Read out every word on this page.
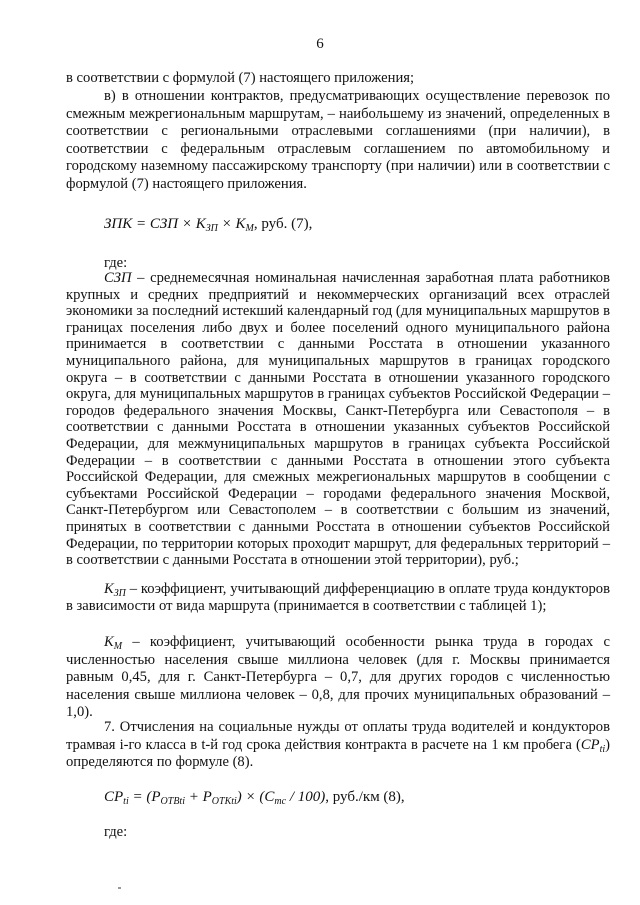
6

в соответствии с формулой (7) настоящего приложения;

в) в отношении контрактов, предусматривающих осуществление перевозок по смежным межрегиональным маршрутам, – наибольшему из значений, определенных в соответствии с региональными отраслевыми соглашениями (при наличии), в соответствии с федеральным отраслевым соглашением по автомобильному и городскому наземному пассажирскому транспорту (при наличии) или в соответствии с формулой (7) настоящего приложения.

ЗПК = СЗП × $К_{ЗП} \times К_М$, руб. (7),

где:

СЗП – среднемесячная номинальная начисленная заработная плата работников крупных и средних предприятий и некоммерческих организаций всех отраслей экономики за последний истекший календарный год (для муниципальных маршрутов в границах поселения либо двух и более поселений одного муниципального района принимается в соответствии с данными Росстата в отношении указанного муниципального района, для муниципальных маршрутов в границах городского округа – в соответствии с данными Росстата в отношении указанного городского округа, для муниципальных маршрутов в границах субъектов Российской Федерации – городов федерального значения Москвы, Санкт-Петербурга или Севастополя – в соответствии с данными Росстата в отношении указанных субъектов Российской Федерации, для межмуниципальных маршрутов в границах субъекта Российской Федерации – в соответствии с данными Росстата в отношении этого субъекта Российской Федерации, для смежных межрегиональных маршрутов в сообщении с субъектами Российской Федерации – городами федерального значения Москвой, Санкт-Петербургом или Севастополем – в соответствии с большим из значений, принятых в соответствии с данными Росстата в отношении субъектов Российской Федерации, по территории которых проходит маршрут, для федеральных территорий – в соответствии с данными Росстата в отношении этой территории), руб.;

$К_{ЗП}$ – коэффициент, учитывающий дифференциацию в оплате труда кондукторов в зависимости от вида маршрута (принимается в соответствии с таблицей 1);

$К_М$ – коэффициент, учитывающий особенности рынка труда в городах с численностью населения свыше миллиона человек (для г. Москвы принимается равным 0,45, для г. Санкт-Петербурга – 0,7, для других городов с численностью населения свыше миллиона человек – 0,8, для прочих муниципальных образований – 1,0).

7. Отчисления на социальные нужды от оплаты труда водителей и кондукторов трамвая i-го класса в t-й год срока действия контракта в расчете на 1 км пробега $(CP_{ti})$ определяются по формуле (8).

$CP_{ti} = (Р_{ОТВti} + Р_{ОТКti}) \times (С_{mc} / 100)$, руб./км (8),

где:
